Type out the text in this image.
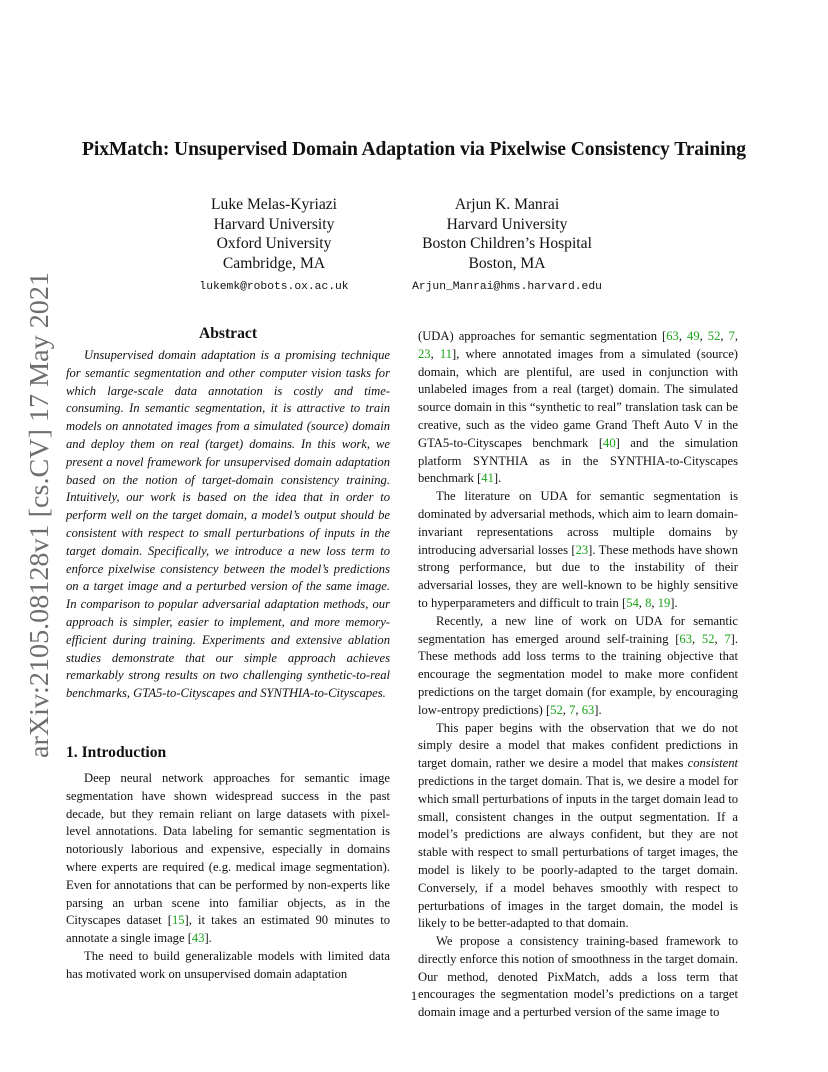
arXiv:2105.08128v1 [cs.CV] 17 May 2021
PixMatch: Unsupervised Domain Adaptation via Pixelwise Consistency Training
Luke Melas-Kyriazi
Harvard University
Oxford University
Cambridge, MA
lukemk@robots.ox.ac.uk
Arjun K. Manrai
Harvard University
Boston Children’s Hospital
Boston, MA
Arjun_Manrai@hms.harvard.edu
Abstract

Unsupervised domain adaptation is a promising technique for semantic segmentation and other computer vision tasks for which large-scale data annotation is costly and time-consuming. In semantic segmentation, it is attractive to train models on annotated images from a simulated (source) domain and deploy them on real (target) domains. In this work, we present a novel framework for unsupervised domain adaptation based on the notion of target-domain consistency training. Intuitively, our work is based on the idea that in order to perform well on the target domain, a model’s output should be consistent with respect to small perturbations of inputs in the target domain. Specifically, we introduce a new loss term to enforce pixelwise consistency between the model’s predictions on a target image and a perturbed version of the same image. In comparison to popular adversarial adaptation methods, our approach is simpler, easier to implement, and more memory-efficient during training. Experiments and extensive ablation studies demonstrate that our simple approach achieves remarkably strong results on two challenging synthetic-to-real benchmarks, GTA5-to-Cityscapes and SYNTHIA-to-Cityscapes.

1. Introduction

Deep neural network approaches for semantic image segmentation have shown widespread success in the past decade, but they remain reliant on large datasets with pixel-level annotations. Data labeling for semantic segmentation is notoriously laborious and expensive, especially in domains where experts are required (e.g. medical image segmentation). Even for annotations that can be performed by non-experts like parsing an urban scene into familiar objects, as in the Cityscapes dataset [15], it takes an estimated 90 minutes to annotate a single image [43].

The need to build generalizable models with limited data has motivated work on unsupervised domain adaptation

(UDA) approaches for semantic segmentation [63, 49, 52, 7, 23, 11], where annotated images from a simulated (source) domain, which are plentiful, are used in conjunction with unlabeled images from a real (target) domain. The simulated source domain in this “synthetic to real” translation task can be creative, such as the video game Grand Theft Auto V in the GTA5-to-Cityscapes benchmark [40] and the simulation platform SYNTHIA as in the SYNTHIA-to-Cityscapes benchmark [41].

The literature on UDA for semantic segmentation is dominated by adversarial methods, which aim to learn domain-invariant representations across multiple domains by introducing adversarial losses [23]. These methods have shown strong performance, but due to the instability of their adversarial losses, they are well-known to be highly sensitive to hyperparameters and difficult to train [54, 8, 19].

Recently, a new line of work on UDA for semantic segmentation has emerged around self-training [63, 52, 7]. These methods add loss terms to the training objective that encourage the segmentation model to make more confident predictions on the target domain (for example, by encouraging low-entropy predictions) [52, 7, 63].

This paper begins with the observation that we do not simply desire a model that makes confident predictions in target domain, rather we desire a model that makes consistent predictions in the target domain. That is, we desire a model for which small perturbations of inputs in the target domain lead to small, consistent changes in the output segmentation. If a model’s predictions are always confident, but they are not stable with respect to small perturbations of target images, the model is likely to be poorly-adapted to the target domain. Conversely, if a model behaves smoothly with respect to perturbations of images in the target domain, the model is likely to be better-adapted to that domain.

We propose a consistency training-based framework to directly enforce this notion of smoothness in the target domain. Our method, denoted PixMatch, adds a loss term that encourages the segmentation model’s predictions on a target domain image and a perturbed version of the same image to

1
